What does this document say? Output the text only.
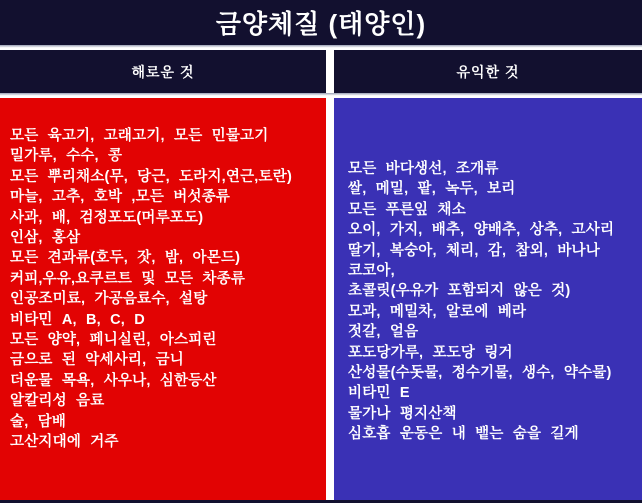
금양체질 (태양인)
해로운 것	유익한 것
모든 육고기, 고래고기, 모든 민물고기
밀가루, 수수, 콩
모든 뿌리채소(무, 당근, 도라지,연근,토란)
마늘, 고추, 호박 ,모든 버섯종류
사과, 배, 검정포도(머루포도)
인삼, 홍삼
모든 견과류(호두, 잣, 밤, 아몬드)
커피,우유,요쿠르트 및 모든 차종류
인공조미료, 가공음료수, 설탕
비타민 A, B, C, D
모든 양약, 페니실린, 아스피린
금으로 된 악세사리, 금니
더운물 목욕, 사우나, 심한등산
알칼리성 음료
술, 담배
고산지대에 거주
모든 바다생선, 조개류
쌀, 메밀, 팥, 녹두, 보리
모든 푸른잎 채소
오이, 가지, 배추, 양배추, 상추, 고사리
딸기, 복숭아, 체리, 감, 참외, 바나나
코코아,
초콜릿(우유가 포함되지 않은 것)
모과, 메밀차, 알로에 베라
젓갈, 얼음
포도당가루, 포도당 링거
산성물(수돗물, 정수기물, 생수, 약수물)
비타민 E
물가나 평지산책
심호흡 운동은 내 뱉는 숨을 길게
